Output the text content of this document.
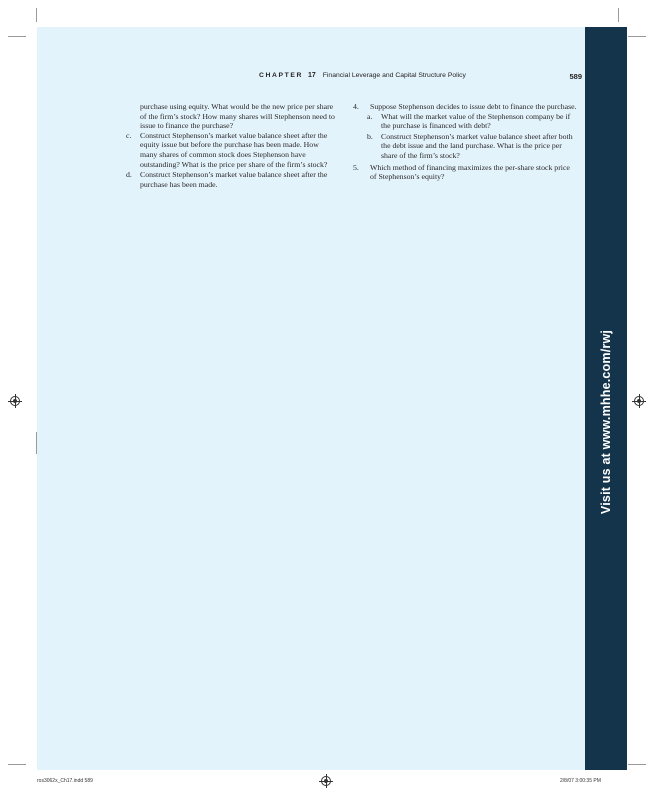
Visit us at www.mhhe.com/rwj
CHAPTER 17 Financial Leverage and Capital Structure Policy	589
purchase using equity. What would be the new price per share of the firm’s stock? How many shares will Stephenson need to issue to finance the purchase?
c. Construct Stephenson’s market value balance sheet after the equity issue but before the purchase has been made. How many shares of common stock does Stephenson have outstanding? What is the price per share of the firm’s stock?
d. Construct Stephenson’s market value balance sheet after the purchase has been made.
4. Suppose Stephenson decides to issue debt to finance the purchase.
a. What will the market value of the Stephenson company be if the purchase is financed with debt?
b. Construct Stephenson’s market value balance sheet after both the debt issue and the land purchase. What is the price per share of the firm’s stock?
5. Which method of financing maximizes the per-share stock price of Stephenson’s equity?
ros3062x_Ch17.indd 589	2/8/07 3:00:35 PM
